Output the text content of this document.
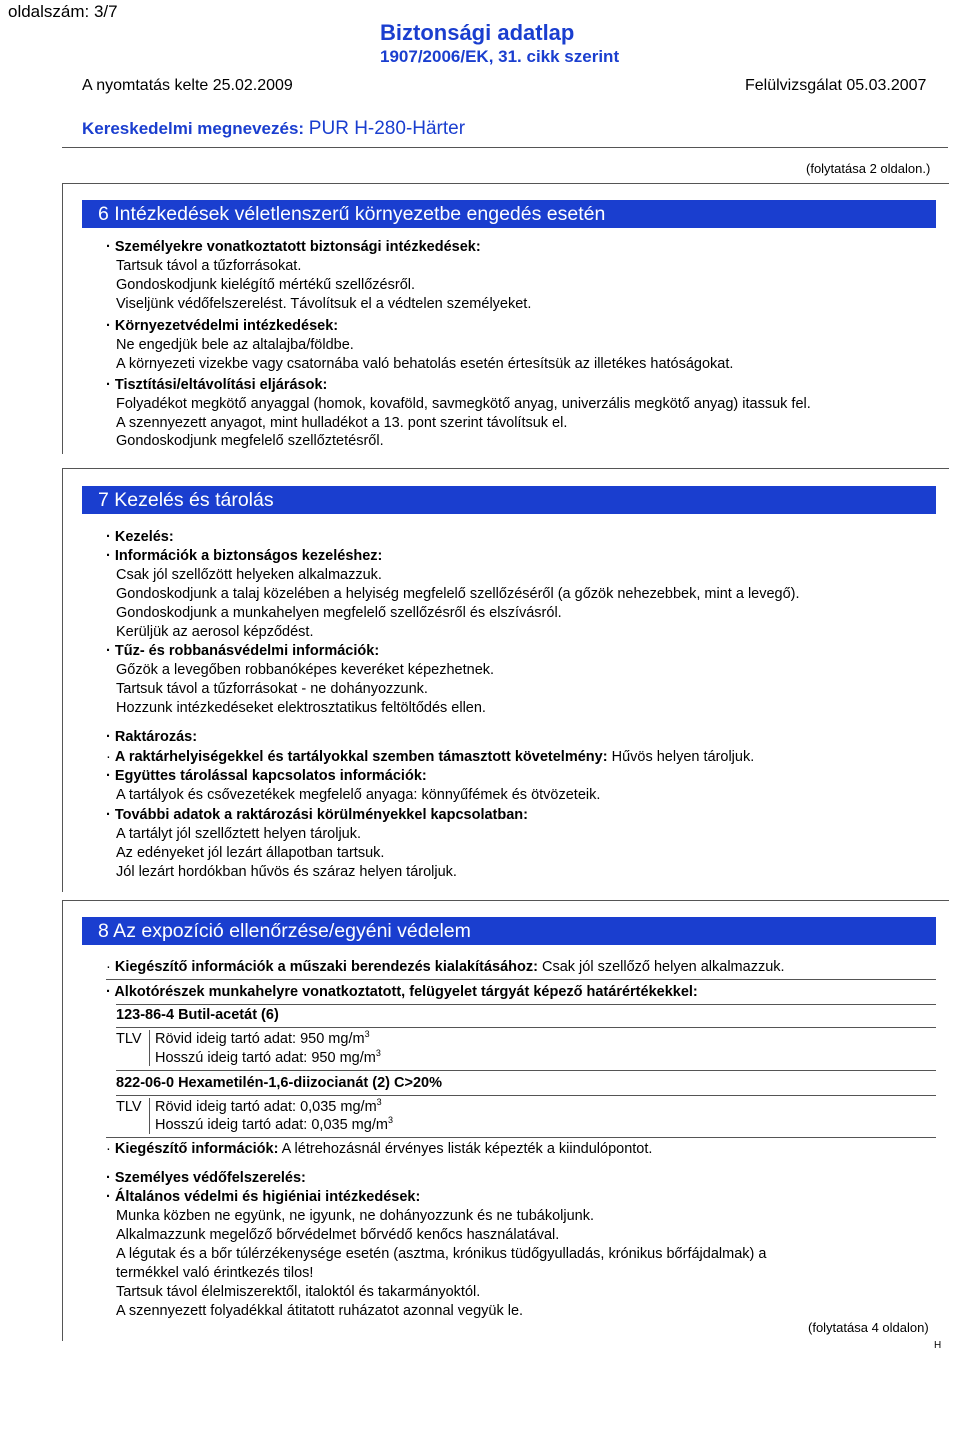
oldalszám: 3/7
Biztonsági adatlap
1907/2006/EK, 31. cikk szerint
A nyomtatás kelte 25.02.2009	Felülvizsgálat 05.03.2007
Kereskedelmi megnevezés: PUR H-280-Härter
(folytatása 2 oldalon.)
6 Intézkedések véletlenszerű környezetbe engedés esetén
· Személyekre vonatkoztatott biztonsági intézkedések:
Tartsuk távol a tűzforrásokat.
Gondoskodjunk kielégítő mértékű szellőzésről.
Viseljünk védőfelszerelést. Távolítsuk el a védtelen személyeket.
· Környezetvédelmi intézkedések:
Ne engedjük bele az altalajba/földbe.
A környezeti vizekbe vagy csatornába való behatolás esetén értesítsük az illetékes hatóságokat.
· Tisztítási/eltávolítási eljárások:
Folyadékot megkötő anyaggal (homok, kovaföld, savmegkötő anyag, univerzális megkötő anyag) itassuk fel.
A szennyezett anyagot, mint hulladékot a 13. pont szerint távolítsuk el.
Gondoskodjunk megfelelő szellőztetésről.
7 Kezelés és tárolás
· Kezelés:
· Információk a biztonságos kezeléshez:
Csak jól szellőzött helyeken alkalmazzuk.
Gondoskodjunk a talaj közelében a helyiség megfelelő szellőzéséről (a gőzök nehezebbek, mint a levegő).
Gondoskodjunk a munkahelyen megfelelő szellőzésről és elszívásról.
Kerüljük az aerosol képződést.
· Tűz- és robbanásvédelmi információk:
Gőzök a levegőben robbanóképes keveréket képezhetnek.
Tartsuk távol a tűzforrásokat - ne dohányozzunk.
Hozzunk intézkedéseket elektrosztatikus feltöltődés ellen.
· Raktározás:
· A raktárhelyiségekkel és tartályokkal szemben támasztott követelmény: Hűvös helyen tároljuk.
· Együttes tárolással kapcsolatos információk:
A tartályok és csővezetékek megfelelő anyaga: könnyűfémek és ötvözeteik.
· További adatok a raktározási körülményekkel kapcsolatban:
A tartályt jól szellőztett helyen tároljuk.
Az edényeket jól lezárt állapotban tartsuk.
Jól lezárt hordókban hűvös és száraz helyen tároljuk.
8 Az expozíció ellenőrzése/egyéni védelem
· Kiegészítő információk a műszaki berendezés kialakításához: Csak jól szellőző helyen alkalmazzuk.
· Alkotórészek munkahelyre vonatkoztatott, felügyelet tárgyát képező határértékekkel:
123-86-4 Butil-acetát (6)
TLV Rövid ideig tartó adat: 950 $mg/m^3$
Hosszú ideig tartó adat: 950 $mg/m^3$
822-06-0 Hexametilén-1,6-diizocianát (2) C>20%
TLV Rövid ideig tartó adat: 0,035 $mg/m^3$
Hosszú ideig tartó adat: 0,035 $mg/m^3$
· Kiegészítő információk: A létrehozásnál érvényes listák képezték a kiindulópontot.
· Személyes védőfelszerelés:
· Általános védelmi és higiéniai intézkedések:
Munka közben ne együnk, ne igyunk, ne dohányozzunk és ne tubákoljunk.
Alkalmazzunk megelőző bőrvédelmet bőrvédő kenőcs használatával.
A légutak és a bőr túlérzékenysége esetén (asztma, krónikus tüdőgyulladás, krónikus bőrfájdalmak) a
termékkel való érintkezés tilos!
Tartsuk távol élelmiszerektől, italoktól és takarmányoktól.
A szennyezett folyadékkal átitatott ruházatot azonnal vegyük le.
(folytatása 4 oldalon)
H
